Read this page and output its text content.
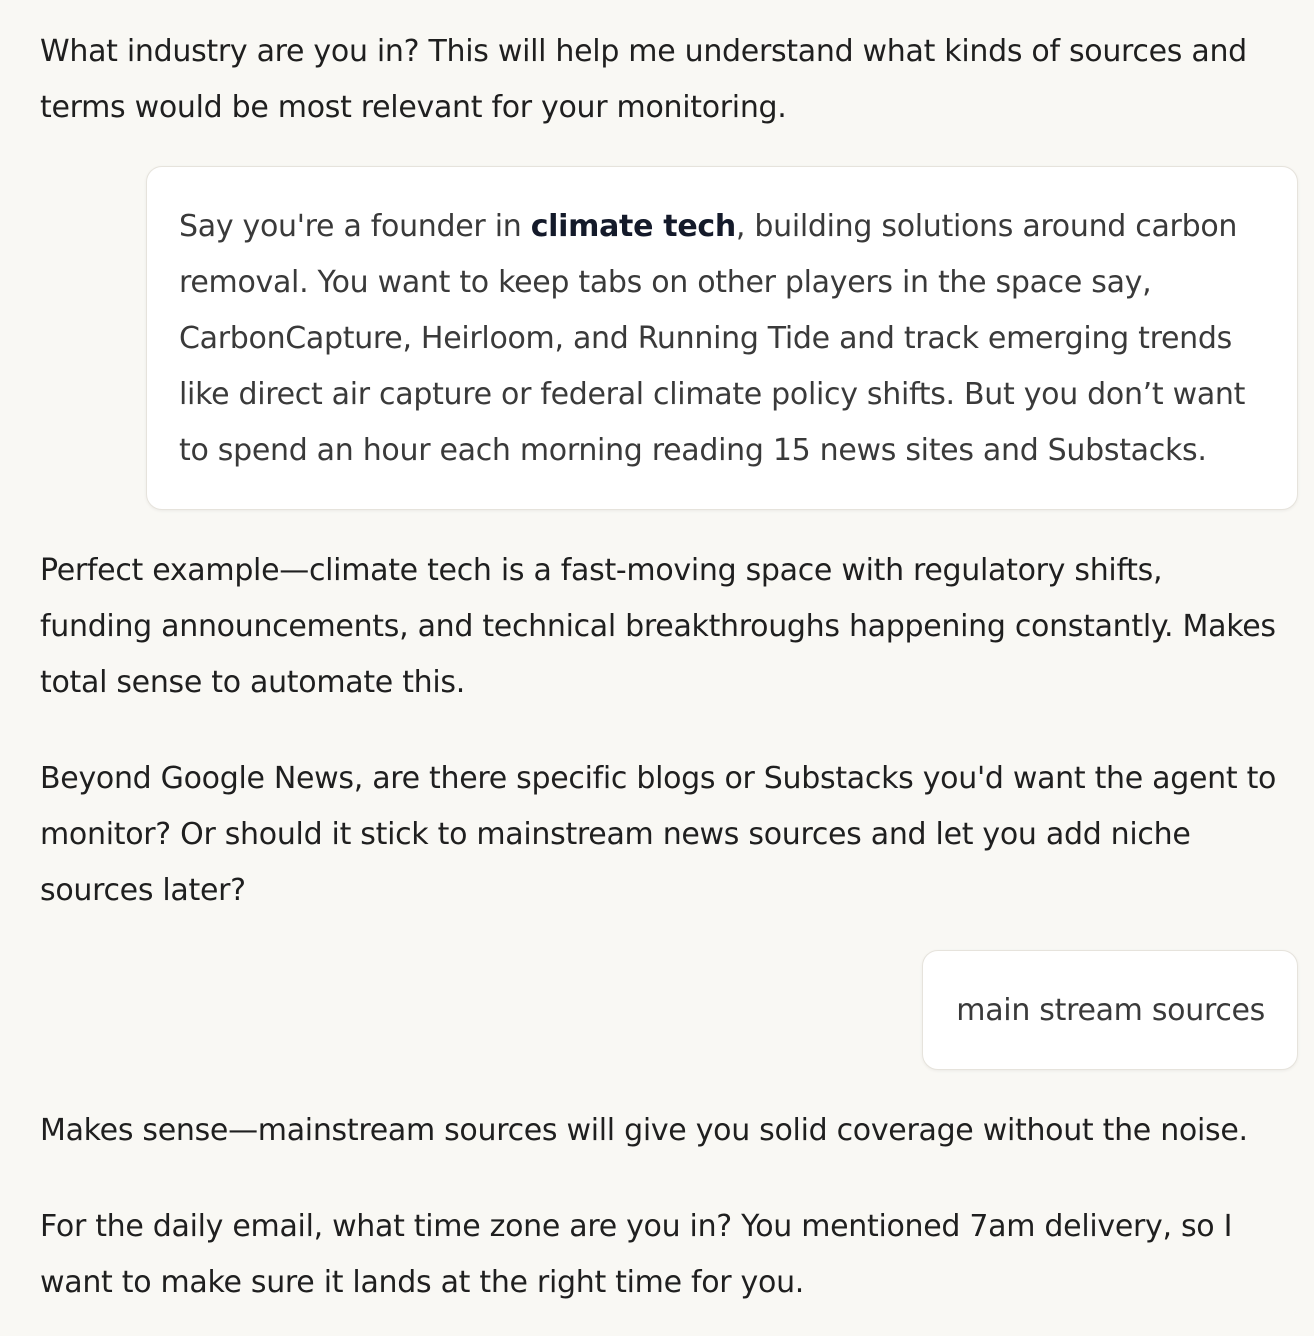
What industry are you in? This will help me understand what kinds of sources and terms would be most relevant for your monitoring.

Say you're a founder in climate tech, building solutions around carbon removal. You want to keep tabs on other players in the space say, CarbonCapture, Heirloom, and Running Tide and track emerging trends like direct air capture or federal climate policy shifts. But you don’t want to spend an hour each morning reading 15 news sites and Substacks.

Perfect example—climate tech is a fast-moving space with regulatory shifts, funding announcements, and technical breakthroughs happening constantly. Makes total sense to automate this.

Beyond Google News, are there specific blogs or Substacks you'd want the agent to monitor? Or should it stick to mainstream news sources and let you add niche sources later?

main stream sources

Makes sense—mainstream sources will give you solid coverage without the noise.

For the daily email, what time zone are you in? You mentioned 7am delivery, so I want to make sure it lands at the right time for you.
